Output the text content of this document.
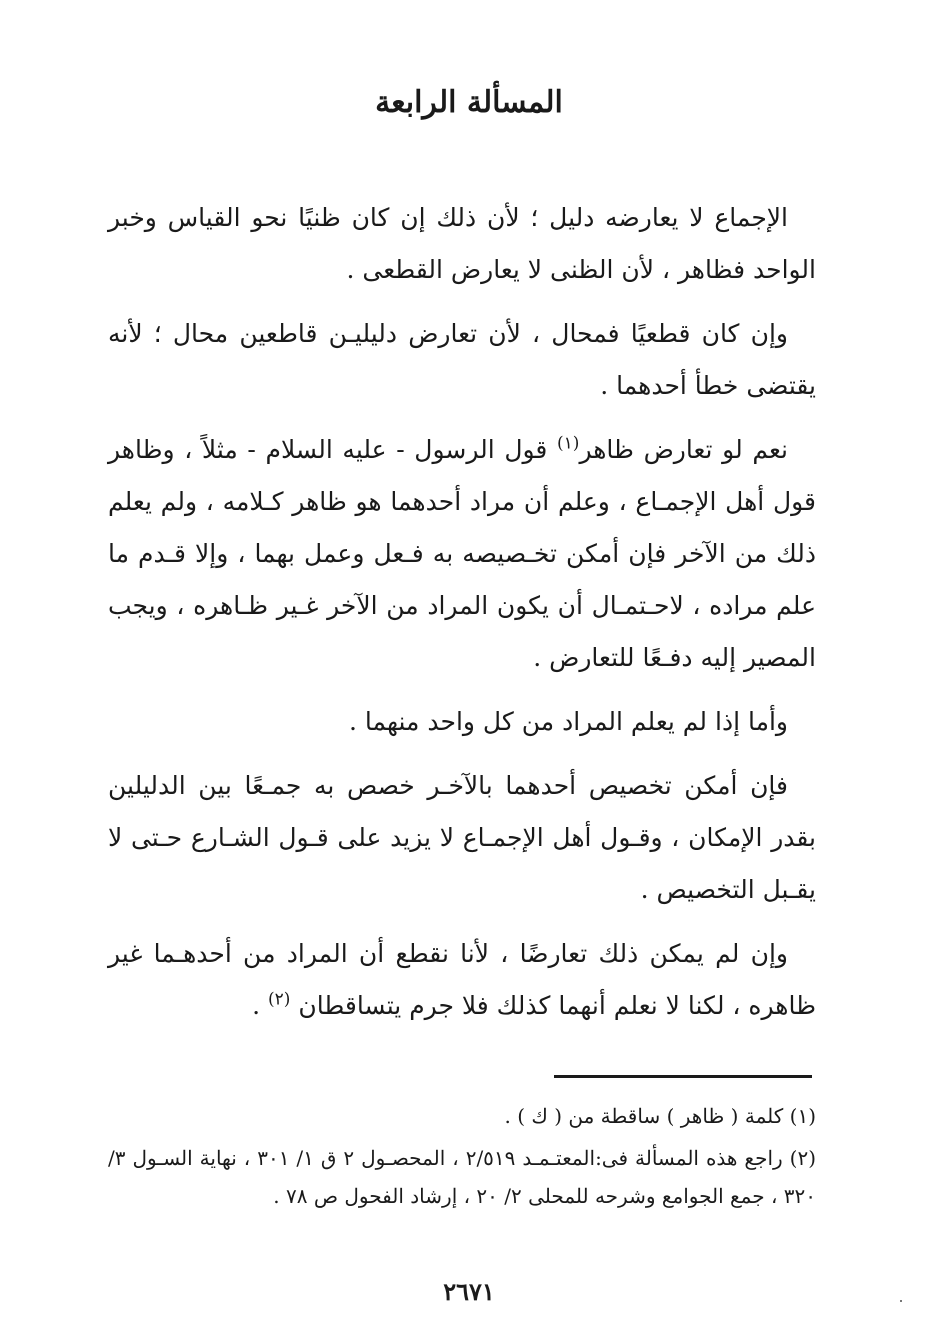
المسألة الرابعة

الإجماع لا يعارضه دليل ؛ لأن ذلك إن كان ظنيًا نحو القياس وخبر الواحد فظاهر ، لأن الظنى لا يعارض القطعى .

وإن كان قطعيًا فمحال ، لأن تعارض دليليـن قاطعين محال ؛ لأنه يقتضى خطأ أحدهما .

نعم لو تعارض ظاهر$^{(١)}$ قول الرسول - عليه السلام - مثلاً ، وظاهر قول أهل الإجمـاع ، وعلم أن مراد أحدهما هو ظاهر كـلامه ، ولم يعلم ذلك من الآخر فإن أمكن تخـصيصه به فـعل وعمل بهما ، وإلا قـدم ما علم مراده ، لاحـتمـال أن يكون المراد من الآخر غـير ظـاهره ، ويجب المصير إليه دفـعًا للتعارض .

وأما إذا لم يعلم المراد من كل واحد منهما .

فإن أمكن تخصيص أحدهما بالآخـر خصص به جمـعًا بين الدليلين بقدر الإمكان ، وقـول أهل الإجمـاع لا يزيد على قـول الشـارع حـتى لا يقـبل التخصيص .

وإن لم يمكن ذلك تعارضًا ، لأنا نقطع أن المراد من أحدهـما غير ظاهره ، لكنا لا نعلم أنهما كذلك فلا جرم يتساقطان $^{(٢)}$ .

(١) كلمة ( ظاهر ) ساقطة من ( ك ) .

(٢) راجع هذه المسألة فى:المعتـمـد ٢/٥١٩ ، المحصـول ٢ ق ١/ ٣٠١ ، نهاية السـول ٣/ ٣٢٠ ، جمع الجوامع وشرحه للمحلى ٢/ ٢٠ ، إرشاد الفحول ص ٧٨ .

٢٦٧١
